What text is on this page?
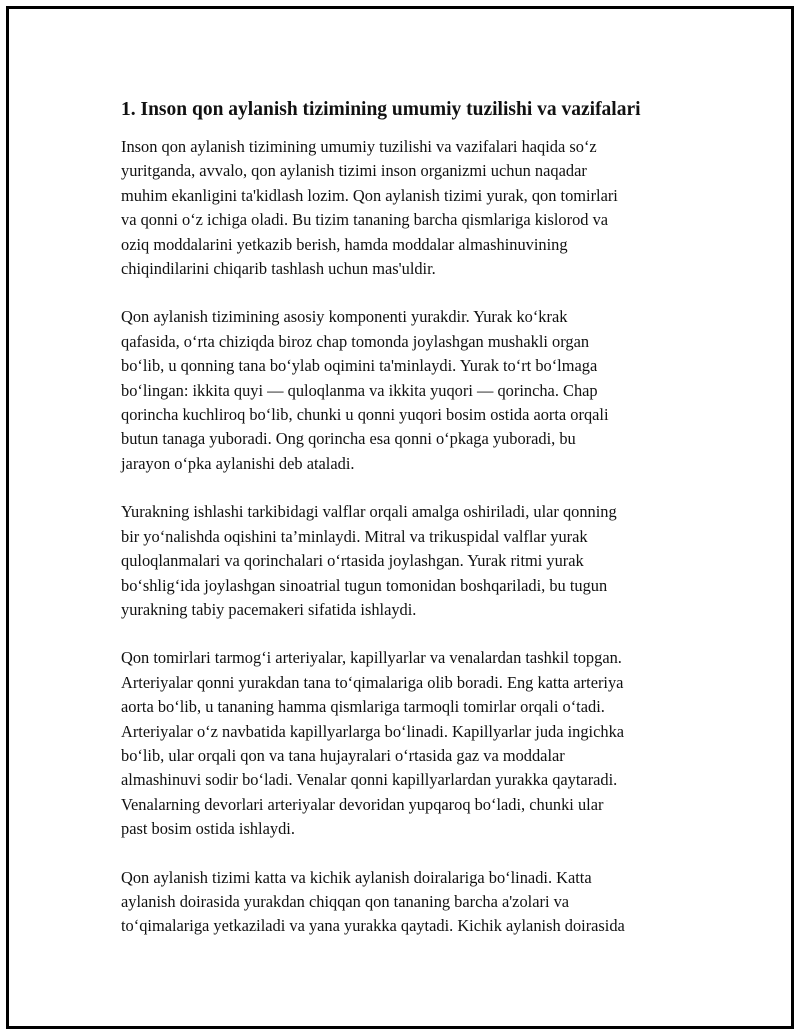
1. Inson qon aylanish tizimining umumiy tuzilishi va vazifalari
Inson qon aylanish tizimining umumiy tuzilishi va vazifalari haqida so‘z
yuritganda, avvalo, qon aylanish tizimi inson organizmi uchun naqadar
muhim ekanligini ta'kidlash lozim. Qon aylanish tizimi yurak, qon tomirlari
va qonni o‘z ichiga oladi. Bu tizim tananing barcha qismlariga kislorod va
oziq moddalarini yetkazib berish, hamda moddalar almashinuvining
chiqindilarini chiqarib tashlash uchun mas'uldir.
Qon aylanish tizimining asosiy komponenti yurakdir. Yurak ko‘krak
qafasida, o‘rta chiziqda biroz chap tomonda joylashgan mushakli organ
bo‘lib, u qonning tana bo‘ylab oqimini ta'minlaydi. Yurak to‘rt bo‘lmaga
bo‘lingan: ikkita quyi — quloqlanma va ikkita yuqori — qorincha. Chap
qorincha kuchliroq bo‘lib, chunki u qonni yuqori bosim ostida aorta orqali
butun tanaga yuboradi. Ong qorincha esa qonni o‘pkaga yuboradi, bu
jarayon o‘pka aylanishi deb ataladi.
Yurakning ishlashi tarkibidagi valflar orqali amalga oshiriladi, ular qonning
bir yo‘nalishda oqishini ta’minlaydi. Mitral va trikuspidal valflar yurak
quloqlanmalari va qorinchalari o‘rtasida joylashgan. Yurak ritmi yurak
bo‘shlig‘ida joylashgan sinoatrial tugun tomonidan boshqariladi, bu tugun
yurakning tabiy pacemakeri sifatida ishlaydi.
Qon tomirlari tarmog‘i arteriyalar, kapillyarlar va venalardan tashkil topgan.
Arteriyalar qonni yurakdan tana to‘qimalariga olib boradi. Eng katta arteriya
aorta bo‘lib, u tananing hamma qismlariga tarmoqli tomirlar orqali o‘tadi.
Arteriyalar o‘z navbatida kapillyarlarga bo‘linadi. Kapillyarlar juda ingichka
bo‘lib, ular orqali qon va tana hujayralari o‘rtasida gaz va moddalar
almashinuvi sodir bo‘ladi. Venalar qonni kapillyarlardan yurakka qaytaradi.
Venalarning devorlari arteriyalar devoridan yupqaroq bo‘ladi, chunki ular
past bosim ostida ishlaydi.
Qon aylanish tizimi katta va kichik aylanish doiralariga bo‘linadi. Katta
aylanish doirasida yurakdan chiqqan qon tananing barcha a'zolari va
to‘qimalariga yetkaziladi va yana yurakka qaytadi. Kichik aylanish doirasida
